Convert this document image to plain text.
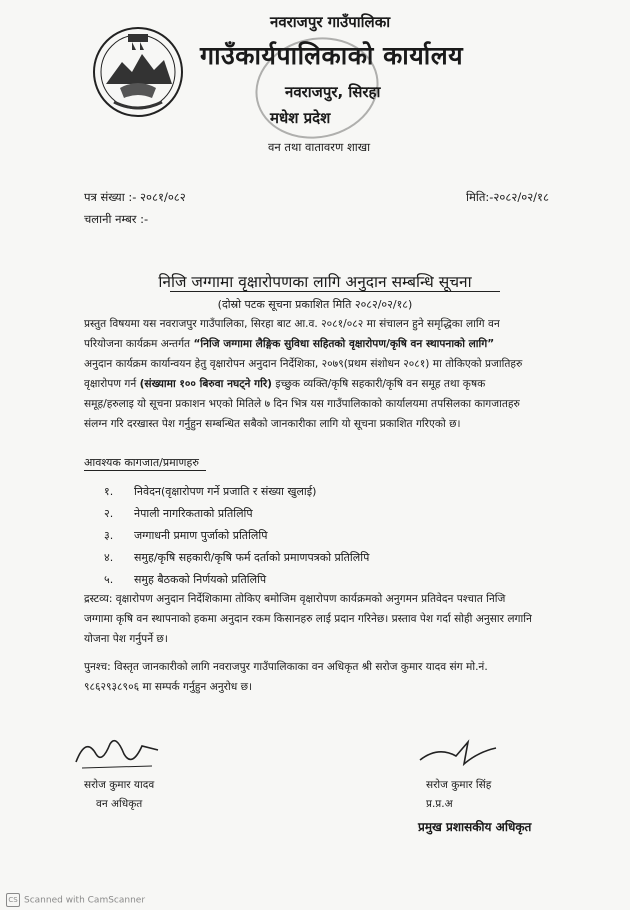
नवराजपुर गाउँपालिका
गाउँकार्यपालिकाको कार्यालय
नवराजपुर, सिरहा
मधेश प्रदेश
वन तथा वातावरण शाखा
पत्र संख्या :- २०८१/०८२
चलानी नम्बर :-
मिति:-२०८२/०२/१८
निजि जग्गामा वृक्षारोपणका लागि अनुदान सम्बन्धि सूचना
(दोस्रो पटक सूचना प्रकाशित मिति २०८२/०२/१८)
प्रस्तुत विषयमा यस नवराजपुर गाउँपालिका, सिरहा बाट आ.व. २०८१/०८२ मा संचालन हुने समृद्धिका लागि वन
परियोजना कार्यक्रम अन्तर्गत “निजि जग्गामा लैङ्गिक सुविधा सहितको वृक्षारोपण/कृषि वन स्थापनाको लागि”
अनुदान कार्यक्रम कार्यान्वयन हेतु वृक्षारोपन अनुदान निर्देशिका, २०७९(प्रथम संशोधन २०८१) मा तोकिएको प्रजातिहरु
वृक्षारोपण गर्न (संख्यामा १०० बिरुवा नघट्ने गरि) इच्छुक व्यक्ति/कृषि सहकारी/कृषि वन समूह तथा कृषक
समूह/हरुलाइ यो सूचना प्रकाशन भएको मितिले ७ दिन भित्र यस गाउँपालिकाको कार्यालयमा तपसिलका कागजातहरु
संलग्न गरि दरखास्त पेश गर्नुहुन सम्बन्धित सबैको जानकारीका लागि यो सूचना प्रकाशित गरिएको छ।
आवश्यक कागजात/प्रमाणहरु
१. निवेदन(वृक्षारोपण गर्ने प्रजाति र संख्या खुलाई)
२. नेपाली नागरिकताको प्रतिलिपि
३. जग्गाधनी प्रमाण पुर्जाको प्रतिलिपि
४. समुह/कृषि सहकारी/कृषि फर्म दर्ताको प्रमाणपत्रको प्रतिलिपि
५. समुह बैठकको निर्णयको प्रतिलिपि
द्रस्टव्य: वृक्षारोपण अनुदान निर्देशिकामा तोकिए बमोजिम वृक्षारोपण कार्यक्रमको अनुगमन प्रतिवेदन पश्चात निजि
जग्गामा कृषि वन स्थापनाको हकमा अनुदान रकम किसानहरु लाई प्रदान गरिनेछ। प्रस्ताव पेश गर्दा सोही अनुसार लगानि
योजना पेश गर्नुपर्ने छ।
पुनश्च: विस्तृत जानकारीको लागि नवराजपुर गाउँपालिकाका वन अधिकृत श्री सरोज कुमार यादव संग मो.नं.
९८६२९३८९०६ मा सम्पर्क गर्नुहुन अनुरोध छ।
सरोज कुमार यादव
वन अधिकृत
सरोज कुमार सिंह
प्र.प्र.अ
प्रमुख प्रशासकीय अधिकृत
CS Scanned with CamScanner
